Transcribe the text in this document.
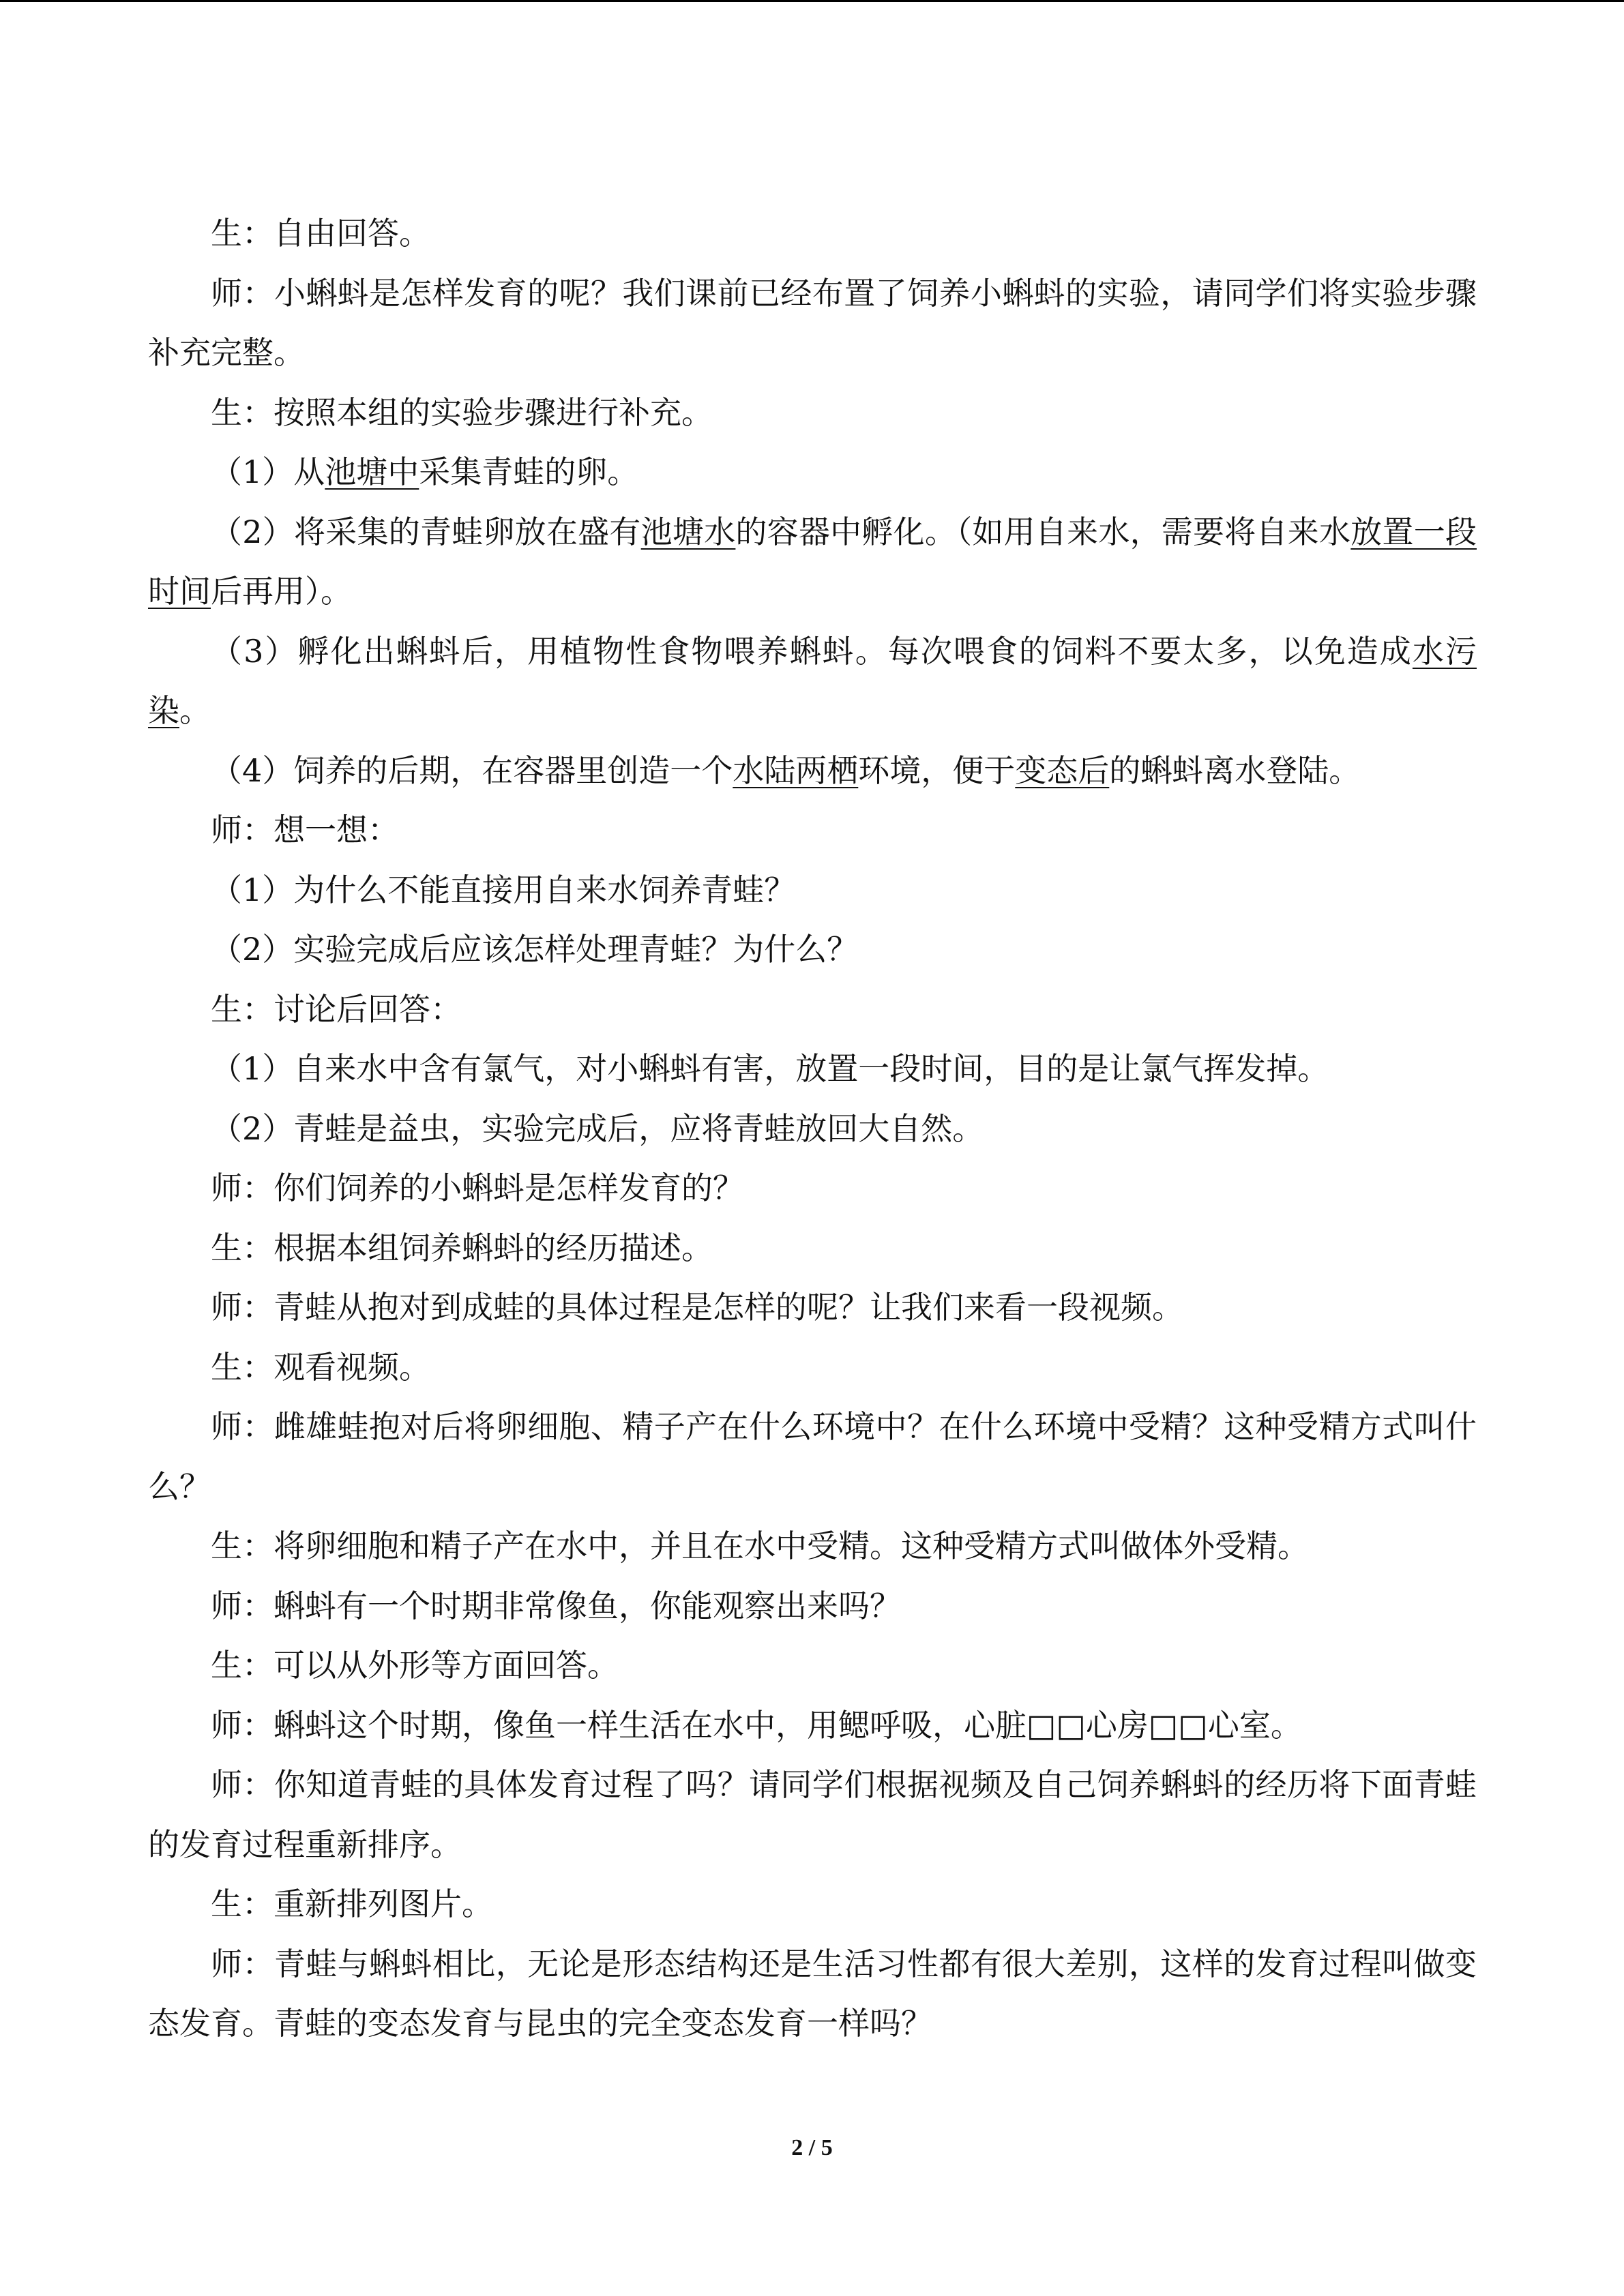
生：自由回答。

师：小蝌蚪是怎样发育的呢？我们课前已经布置了饲养小蝌蚪的实验，请同学们将实验步骤补充完整。

生：按照本组的实验步骤进行补充。

（1）从池塘中采集青蛙的卵。

（2）将采集的青蛙卵放在盛有池塘水的容器中孵化。（如用自来水，需要将自来水放置一段时间后再用）。

（3）孵化出蝌蚪后，用植物性食物喂养蝌蚪。每次喂食的饲料不要太多，以免造成水污染。

（4）饲养的后期，在容器里创造一个水陆两栖环境，便于变态后的蝌蚪离水登陆。

师：想一想：

（1）为什么不能直接用自来水饲养青蛙？

（2）实验完成后应该怎样处理青蛙？为什么？

生：讨论后回答：

（1）自来水中含有氯气，对小蝌蚪有害，放置一段时间，目的是让氯气挥发掉。

（2）青蛙是益虫，实验完成后，应将青蛙放回大自然。

师：你们饲养的小蝌蚪是怎样发育的？

生：根据本组饲养蝌蚪的经历描述。

师：青蛙从抱对到成蛙的具体过程是怎样的呢？让我们来看一段视频。

生：观看视频。

师：雌雄蛙抱对后将卵细胞、精子产在什么环境中？在什么环境中受精？这种受精方式叫什么？

生：将卵细胞和精子产在水中，并且在水中受精。这种受精方式叫做体外受精。

师：蝌蚪有一个时期非常像鱼，你能观察出来吗？

生：可以从外形等方面回答。

师：蝌蚪这个时期，像鱼一样生活在水中，用鳃呼吸，心脏□□心房□□心室。

师：你知道青蛙的具体发育过程了吗？请同学们根据视频及自己饲养蝌蚪的经历将下面青蛙的发育过程重新排序。

生：重新排列图片。

师：青蛙与蝌蚪相比，无论是形态结构还是生活习性都有很大差别，这样的发育过程叫做变态发育。青蛙的变态发育与昆虫的完全变态发育一样吗？

2 / 5
